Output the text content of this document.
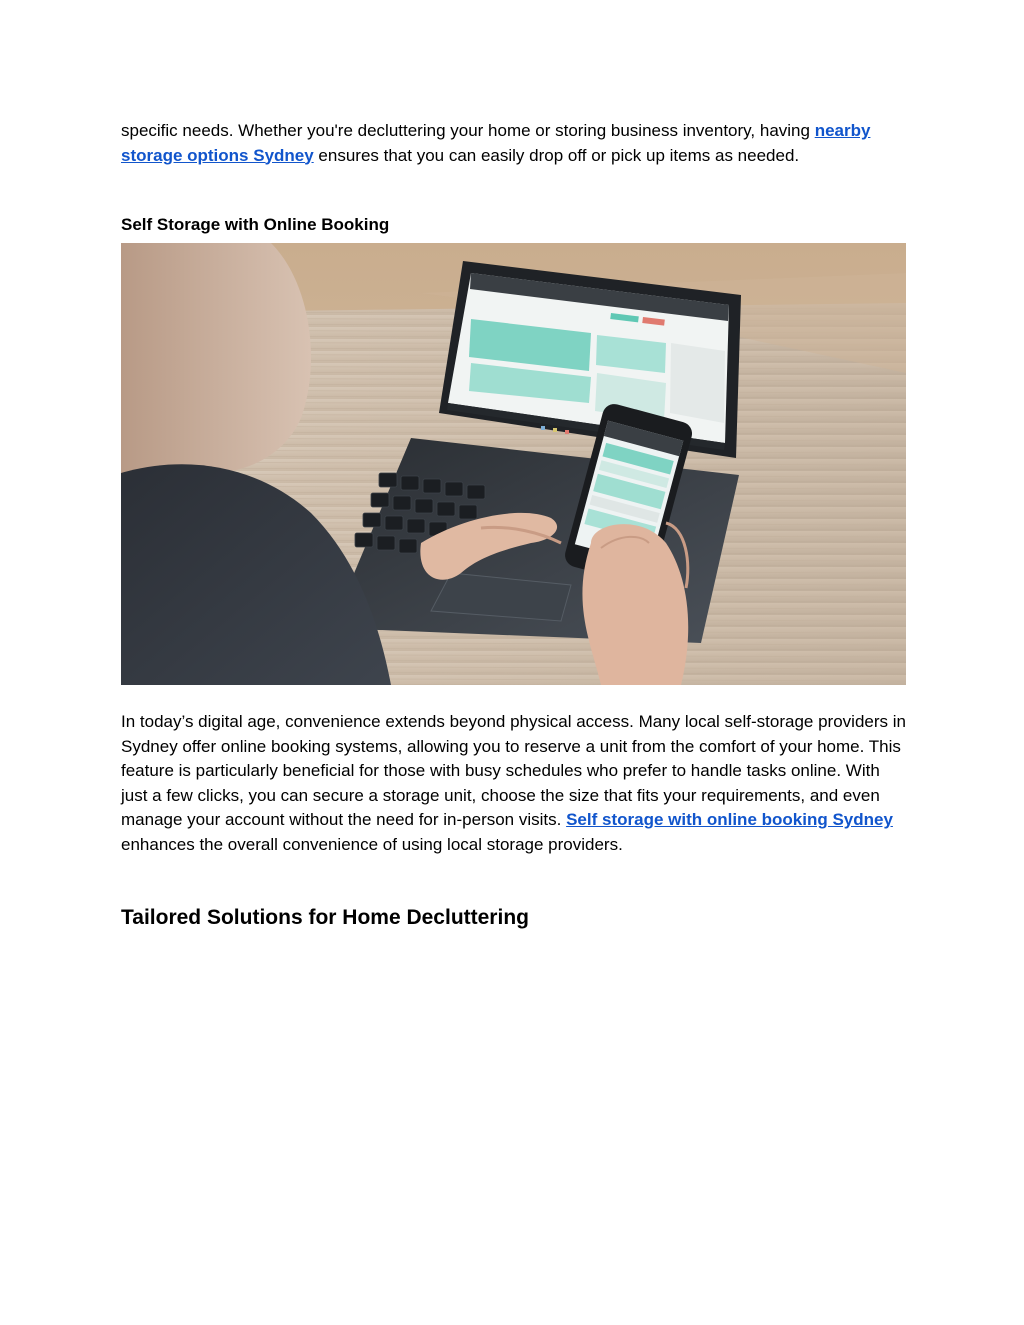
specific needs. Whether you're decluttering your home or storing business inventory, having nearby storage options Sydney ensures that you can easily drop off or pick up items as needed.

Self Storage with Online Booking

In today’s digital age, convenience extends beyond physical access. Many local self-storage providers in Sydney offer online booking systems, allowing you to reserve a unit from the comfort of your home. This feature is particularly beneficial for those with busy schedules who prefer to handle tasks online. With just a few clicks, you can secure a storage unit, choose the size that fits your requirements, and even manage your account without the need for in-person visits. Self storage with online booking Sydney enhances the overall convenience of using local storage providers.

Tailored Solutions for Home Decluttering
